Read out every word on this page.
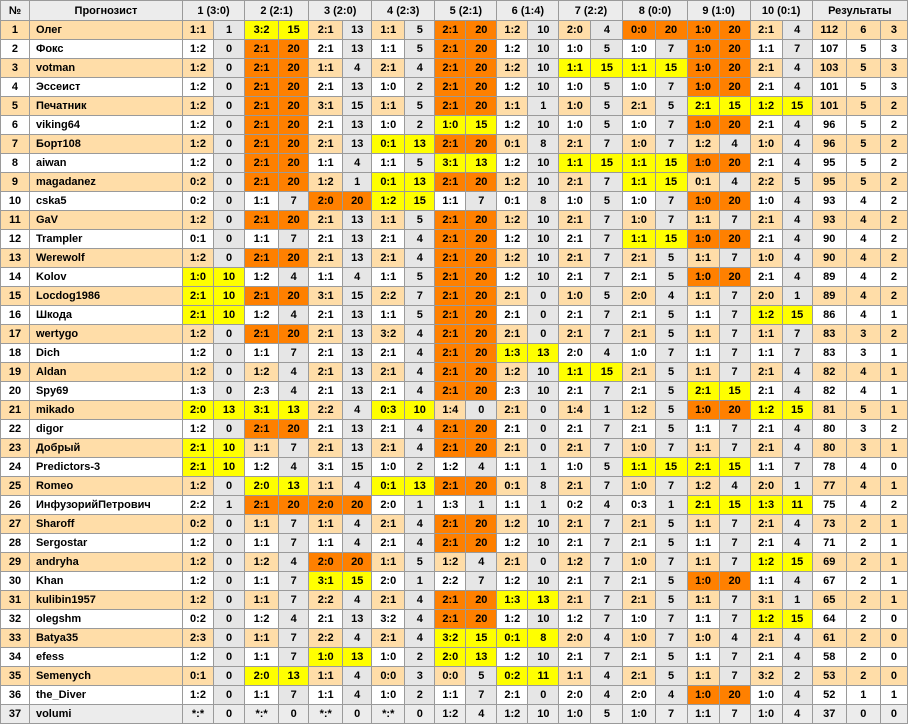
№	Прогнозист	1 (3:0)		2 (2:1)		3 (2:0)		4 (2:3)		5 (2:1)		6 (1:4)		7 (2:2)		8 (0:0)		9 (1:0)		10 (0:1)		Результаты		
1	Олег	1:1	1	3:2	15	2:1	13	1:1	5	2:1	20	1:2	10	2:0	4	0:0	20	1:0	20	2:1	4	112	6	3
2	Фокс	1:2	0	2:1	20	2:1	13	1:1	5	2:1	20	1:2	10	1:0	5	1:0	7	1:0	20	1:1	7	107	5	3
3	votman	1:2	0	2:1	20	1:1	4	2:1	4	2:1	20	1:2	10	1:1	15	1:1	15	1:0	20	2:1	4	103	5	3
4	Эссеист	1:2	0	2:1	20	2:1	13	1:0	2	2:1	20	1:2	10	1:0	5	1:0	7	1:0	20	2:1	4	101	5	3
5	Печатник	1:2	0	2:1	20	3:1	15	1:1	5	2:1	20	1:1	1	1:0	5	2:1	5	2:1	15	1:2	15	101	5	2
6	viking64	1:2	0	2:1	20	2:1	13	1:0	2	1:0	15	1:2	10	1:0	5	1:0	7	1:0	20	2:1	4	96	5	2
7	Борт108	1:2	0	2:1	20	2:1	13	0:1	13	2:1	20	0:1	8	2:1	7	1:0	7	1:2	4	1:0	4	96	5	2
8	aiwan	1:2	0	2:1	20	1:1	4	1:1	5	3:1	13	1:2	10	1:1	15	1:1	15	1:0	20	2:1	4	95	5	2
9	magadanez	0:2	0	2:1	20	1:2	1	0:1	13	2:1	20	1:2	10	2:1	7	1:1	15	0:1	4	2:2	5	95	5	2
10	cska5	0:2	0	1:1	7	2:0	20	1:2	15	1:1	7	0:1	8	1:0	5	1:0	7	1:0	20	1:0	4	93	4	2
11	GaV	1:2	0	2:1	20	2:1	13	1:1	5	2:1	20	1:2	10	2:1	7	1:0	7	1:1	7	2:1	4	93	4	2
12	Trampler	0:1	0	1:1	7	2:1	13	2:1	4	2:1	20	1:2	10	2:1	7	1:1	15	1:0	20	2:1	4	90	4	2
13	Werewolf	1:2	0	2:1	20	2:1	13	2:1	4	2:1	20	1:2	10	2:1	7	2:1	5	1:1	7	1:0	4	90	4	2
14	Kolov	1:0	10	1:2	4	1:1	4	1:1	5	2:1	20	1:2	10	2:1	7	2:1	5	1:0	20	2:1	4	89	4	2
15	Locdog1986	2:1	10	2:1	20	3:1	15	2:2	7	2:1	20	2:1	0	1:0	5	2:0	4	1:1	7	2:0	1	89	4	2
16	Шкода	2:1	10	1:2	4	2:1	13	1:1	5	2:1	20	2:1	0	2:1	7	2:1	5	1:1	7	1:2	15	86	4	1
17	wertygo	1:2	0	2:1	20	2:1	13	3:2	4	2:1	20	2:1	0	2:1	7	2:1	5	1:1	7	1:1	7	83	3	2
18	Dich	1:2	0	1:1	7	2:1	13	2:1	4	2:1	20	1:3	13	2:0	4	1:0	7	1:1	7	1:1	7	83	3	1
19	Aldan	1:2	0	1:2	4	2:1	13	2:1	4	2:1	20	1:2	10	1:1	15	2:1	5	1:1	7	2:1	4	82	4	1
20	Spy69	1:3	0	2:3	4	2:1	13	2:1	4	2:1	20	2:3	10	2:1	7	2:1	5	2:1	15	2:1	4	82	4	1
21	mikado	2:0	13	3:1	13	2:2	4	0:3	10	1:4	0	2:1	0	1:4	1	1:2	5	1:0	20	1:2	15	81	5	1
22	digor	1:2	0	2:1	20	2:1	13	2:1	4	2:1	20	2:1	0	2:1	7	2:1	5	1:1	7	2:1	4	80	3	2
23	Добрый	2:1	10	1:1	7	2:1	13	2:1	4	2:1	20	2:1	0	2:1	7	1:0	7	1:1	7	2:1	4	80	3	1
24	Predictors-3	2:1	10	1:2	4	3:1	15	1:0	2	1:2	4	1:1	1	1:0	5	1:1	15	2:1	15	1:1	7	78	4	0
25	Romeo	1:2	0	2:0	13	1:1	4	0:1	13	2:1	20	0:1	8	2:1	7	1:0	7	1:2	4	2:0	1	77	4	1
26	ИнфузорийПетрович	2:2	1	2:1	20	2:0	20	2:0	1	1:3	1	1:1	1	0:2	4	0:3	1	2:1	15	1:3	11	75	4	2
27	Sharoff	0:2	0	1:1	7	1:1	4	2:1	4	2:1	20	1:2	10	2:1	7	2:1	5	1:1	7	2:1	4	73	2	1
28	Sergostar	1:2	0	1:1	7	1:1	4	2:1	4	2:1	20	1:2	10	2:1	7	2:1	5	1:1	7	2:1	4	71	2	1
29	andryha	1:2	0	1:2	4	2:0	20	1:1	5	1:2	4	2:1	0	1:2	7	1:0	7	1:1	7	1:2	15	69	2	1
30	Khan	1:2	0	1:1	7	3:1	15	2:0	1	2:2	7	1:2	10	2:1	7	2:1	5	1:0	20	1:1	4	67	2	1
31	kulibin1957	1:2	0	1:1	7	2:2	4	2:1	4	2:1	20	1:3	13	2:1	7	2:1	5	1:1	7	3:1	1	65	2	1
32	olegshm	0:2	0	1:2	4	2:1	13	3:2	4	2:1	20	1:2	10	1:2	7	1:0	7	1:1	7	1:2	15	64	2	0
33	Batya35	2:3	0	1:1	7	2:2	4	2:1	4	3:2	15	0:1	8	2:0	4	1:0	7	1:0	4	2:1	4	61	2	0
34	efess	1:2	0	1:1	7	1:0	13	1:0	2	2:0	13	1:2	10	2:1	7	2:1	5	1:1	7	2:1	4	58	2	0
35	Semenych	0:1	0	2:0	13	1:1	4	0:0	3	0:0	5	0:2	11	1:1	4	2:1	5	1:1	7	3:2	2	53	2	0
36	the_Diver	1:2	0	1:1	7	1:1	4	1:0	2	1:1	7	2:1	0	2:0	4	2:0	4	1:0	20	1:0	4	52	1	1
37	volumi	*:*	0	*:*	0	*:*	0	*:*	0	1:2	4	1:2	10	1:0	5	1:0	7	1:1	7	1:0	4	37	0	0
